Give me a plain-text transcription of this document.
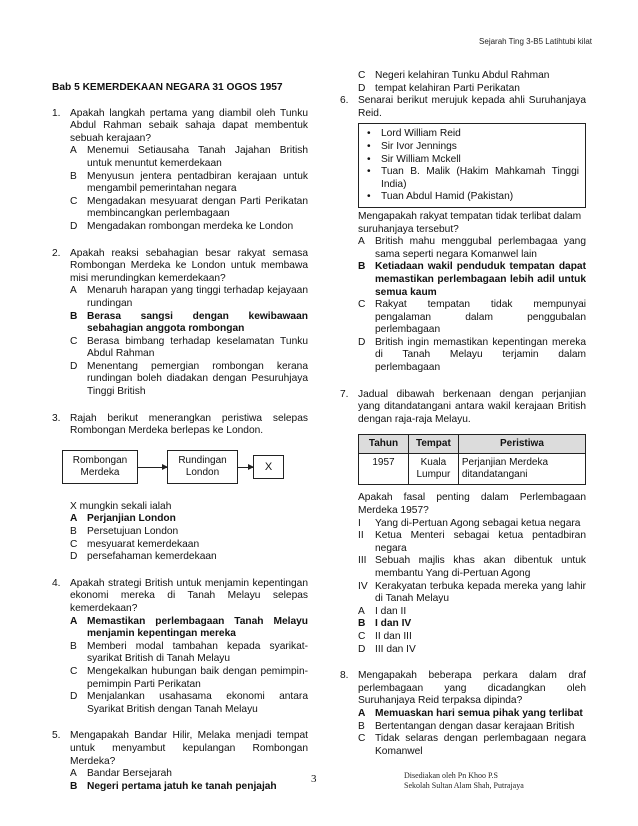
Sejarah Ting 3-B5 Latihtubi kilat
Bab 5 KEMERDEKAAN NEGARA 31 OGOS 1957
1. Apakah langkah pertama yang diambil oleh Tunku Abdul Rahman sebaik sahaja dapat membentuk sebuah kerajaan?
A	Menemui Setiausaha Tanah Jajahan British untuk menuntut kemerdekaan
B	Menyusun jentera pentadbiran kerajaan untuk mengambil pemerintahan negara
C Mengadakan mesyuarat dengan Parti Perikatan membincangkan perlembagaan
D Mengadakan rombongan merdeka ke London
2. Apakah reaksi sebahagian besar rakyat semasa Rombongan Merdeka ke London untuk membawa misi merundingkan kemerdekaan?
A	Menaruh harapan yang tinggi terhadap kejayaan rundingan
B Berasa sangsi dengan kewibawaan sebahagian anggota rombongan
C Berasa bimbang terhadap keselamatan Tunku Abdul Rahman
D Menentang pemergian rombongan kerana rundingan boleh diadakan dengan Pesuruhjaya Tinggi British
3. Rajah berikut menerangkan peristiwa selepas Rombongan Merdeka berlepas ke London.
Rombongan Merdeka
Rundingan London	X
X mungkin sekali ialah
A Perjanjian London
B	Persetujuan London
C mesyuarat kemerdekaan
D persefahaman kemerdekaan
4. Apakah strategi British untuk menjamin kepentingan ekonomi mereka di Tanah Melayu selepas kemerdekaan?
A Memastikan perlembagaan Tanah Melayu menjamin kepentingan mereka
B	Memberi modal tambahan kepada syarikat-syarikat British di Tanah Melayu
C Mengekalkan hubungan baik dengan pemimpin-pemimpin Parti Perikatan
D Menjalankan usahasama ekonomi antara Syarikat British dengan Tanah Melayu
5. Mengapakah Bandar Hilir, Melaka menjadi tempat untuk menyambut kepulangan Rombongan Merdeka?
A	Bandar Bersejarah
B Negeri pertama jatuh ke tanah penjajah
C Negeri kelahiran Tunku Abdul Rahman
D tempat kelahiran Parti Perikatan
6. Senarai berikut merujuk kepada ahli Suruhanjaya Reid.
•	Lord William Reid
•	Sir Ivor Jennings
•	Sir William Mckell
•	Tuan B. Malik (Hakim Mahkamah Tinggi India)
•	Tuan Abdul Hamid (Pakistan)
Mengapakah rakyat tempatan tidak terlibat dalam suruhanjaya tersebut?
A	British mahu menggubal perlembagaa yang sama seperti negara Komanwel lain
B Ketiadaan wakil penduduk tempatan dapat memastikan perlembagaan lebih adil untuk semua kaum
C Rakyat tempatan tidak mempunyai pengalaman dalam penggubalan perlembagaan
D British ingin memastikan kepentingan mereka di Tanah Melayu terjamin dalam perlembagaan
7. Jadual dibawah berkenaan dengan perjanjian yang ditandatangani antara wakil kerajaan British dengan raja-raja Melayu.
Tahun	Tempat	Peristiwa
1957	Kuala Lumpur	Perjanjian Merdeka ditandatangani
Apakah fasal penting dalam Perlembagaan Merdeka 1957?
I	Yang di-Pertuan Agong sebagai ketua negara
II	Ketua Menteri sebagai ketua pentadbiran negara
III Sebuah majlis khas akan dibentuk untuk membantu Yang di-Pertuan Agong
IV Kerakyatan terbuka kepada mereka yang lahir di Tanah Melayu
A	I dan II
B I dan IV
C II dan III
D III dan IV
8. Mengapakah beberapa perkara dalam draf perlembagaan yang dicadangkan oleh Suruhanjaya Reid terpaksa dipinda?
A Memuaskan hari semua pihak yang terlibat
B	Bertentangan dengan dasar kerajaan British
C Tidak selaras dengan perlembagaan negara Komanwel
3	Disediakan oleh Pn Khoo P.S
Sekolah Sultan Alam Shah, Putrajaya
